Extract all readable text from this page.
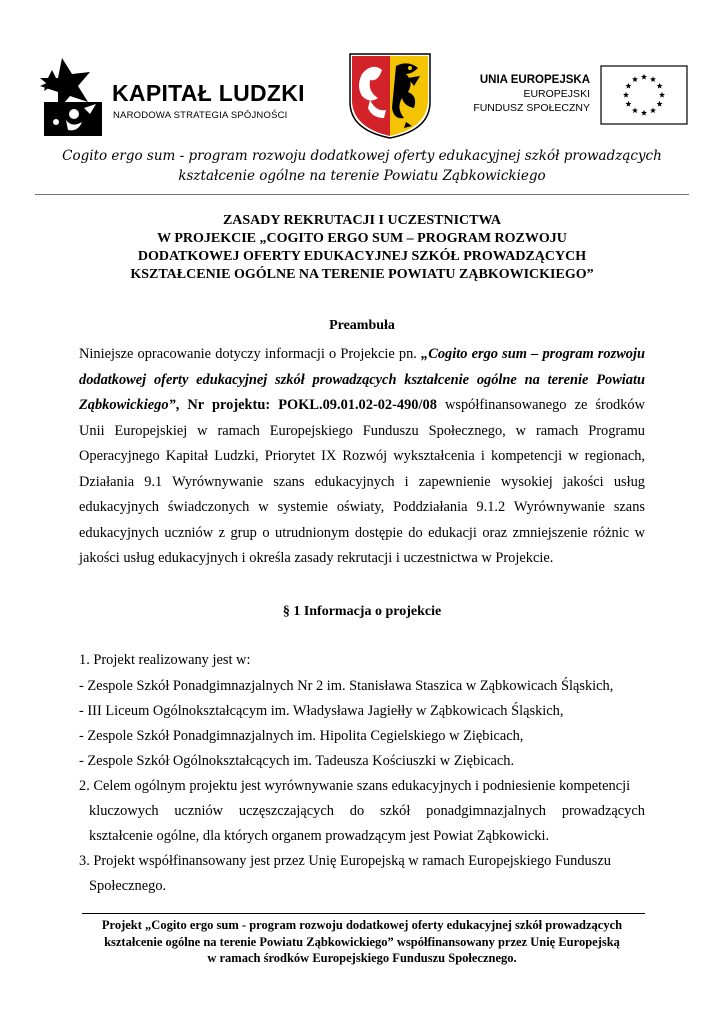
KAPITAŁ LUDZKI
NARODOWA STRATEGIA SPÓJNOŚCI
UNIA EUROPEJSKA
EUROPEJSKI
FUNDUSZ SPOŁECZNY
Cogito ergo sum - program rozwoju dodatkowej oferty edukacyjnej szkół prowadzących
kształcenie ogólne na terenie Powiatu Ząbkowickiego
ZASADY REKRUTACJI I UCZESTNICTWA
W PROJEKCIE „COGITO ERGO SUM – PROGRAM ROZWOJU
DODATKOWEJ OFERTY EDUKACYJNEJ SZKÓŁ PROWADZĄCYCH
KSZTAŁCENIE OGÓLNE NA TERENIE POWIATU ZĄBKOWICKIEGO”
Preambuła
Niniejsze opracowanie dotyczy informacji o Projekcie pn. „Cogito ergo sum – program rozwoju dodatkowej oferty edukacyjnej szkół prowadzących kształcenie ogólne na terenie Powiatu Ząbkowickiego”, Nr projektu: POKL.09.01.02-02-490/08 współfinansowanego ze środków Unii Europejskiej w ramach Europejskiego Funduszu Społecznego, w ramach Programu Operacyjnego Kapitał Ludzki, Priorytet IX Rozwój wykształcenia i kompetencji w regionach, Działania 9.1 Wyrównywanie szans edukacyjnych i zapewnienie wysokiej jakości usług edukacyjnych świadczonych w systemie oświaty, Poddziałania 9.1.2 Wyrównywanie szans edukacyjnych uczniów z grup o utrudnionym dostępie do edukacji oraz zmniejszenie różnic w jakości usług edukacyjnych i określa zasady rekrutacji i uczestnictwa w Projekcie.
§ 1 Informacja o projekcie
1. Projekt realizowany jest w:
- Zespole Szkół Ponadgimnazjalnych Nr 2 im. Stanisława Staszica w Ząbkowicach Śląskich,
- III Liceum Ogólnokształcącym im. Władysława Jagiełły w Ząbkowicach Śląskich,
- Zespole Szkół Ponadgimnazjalnych im. Hipolita Cegielskiego w Ziębicach,
- Zespole Szkół Ogólnokształcących im. Tadeusza Kościuszki w Ziębicach.
2. Celem ogólnym projektu jest wyrównywanie szans edukacyjnych i podniesienie kompetencji
kluczowych uczniów uczęszczających do szkół ponadgimnazjalnych prowadzących
kształcenie ogólne, dla których organem prowadzącym jest Powiat Ząbkowicki.
3. Projekt współfinansowany jest przez Unię Europejską w ramach Europejskiego Funduszu
Społecznego.
Projekt „Cogito ergo sum - program rozwoju dodatkowej oferty edukacyjnej szkół prowadzących
kształcenie ogólne na terenie Powiatu Ząbkowickiego” współfinansowany przez Unię Europejską
w ramach środków Europejskiego Funduszu Społecznego.
